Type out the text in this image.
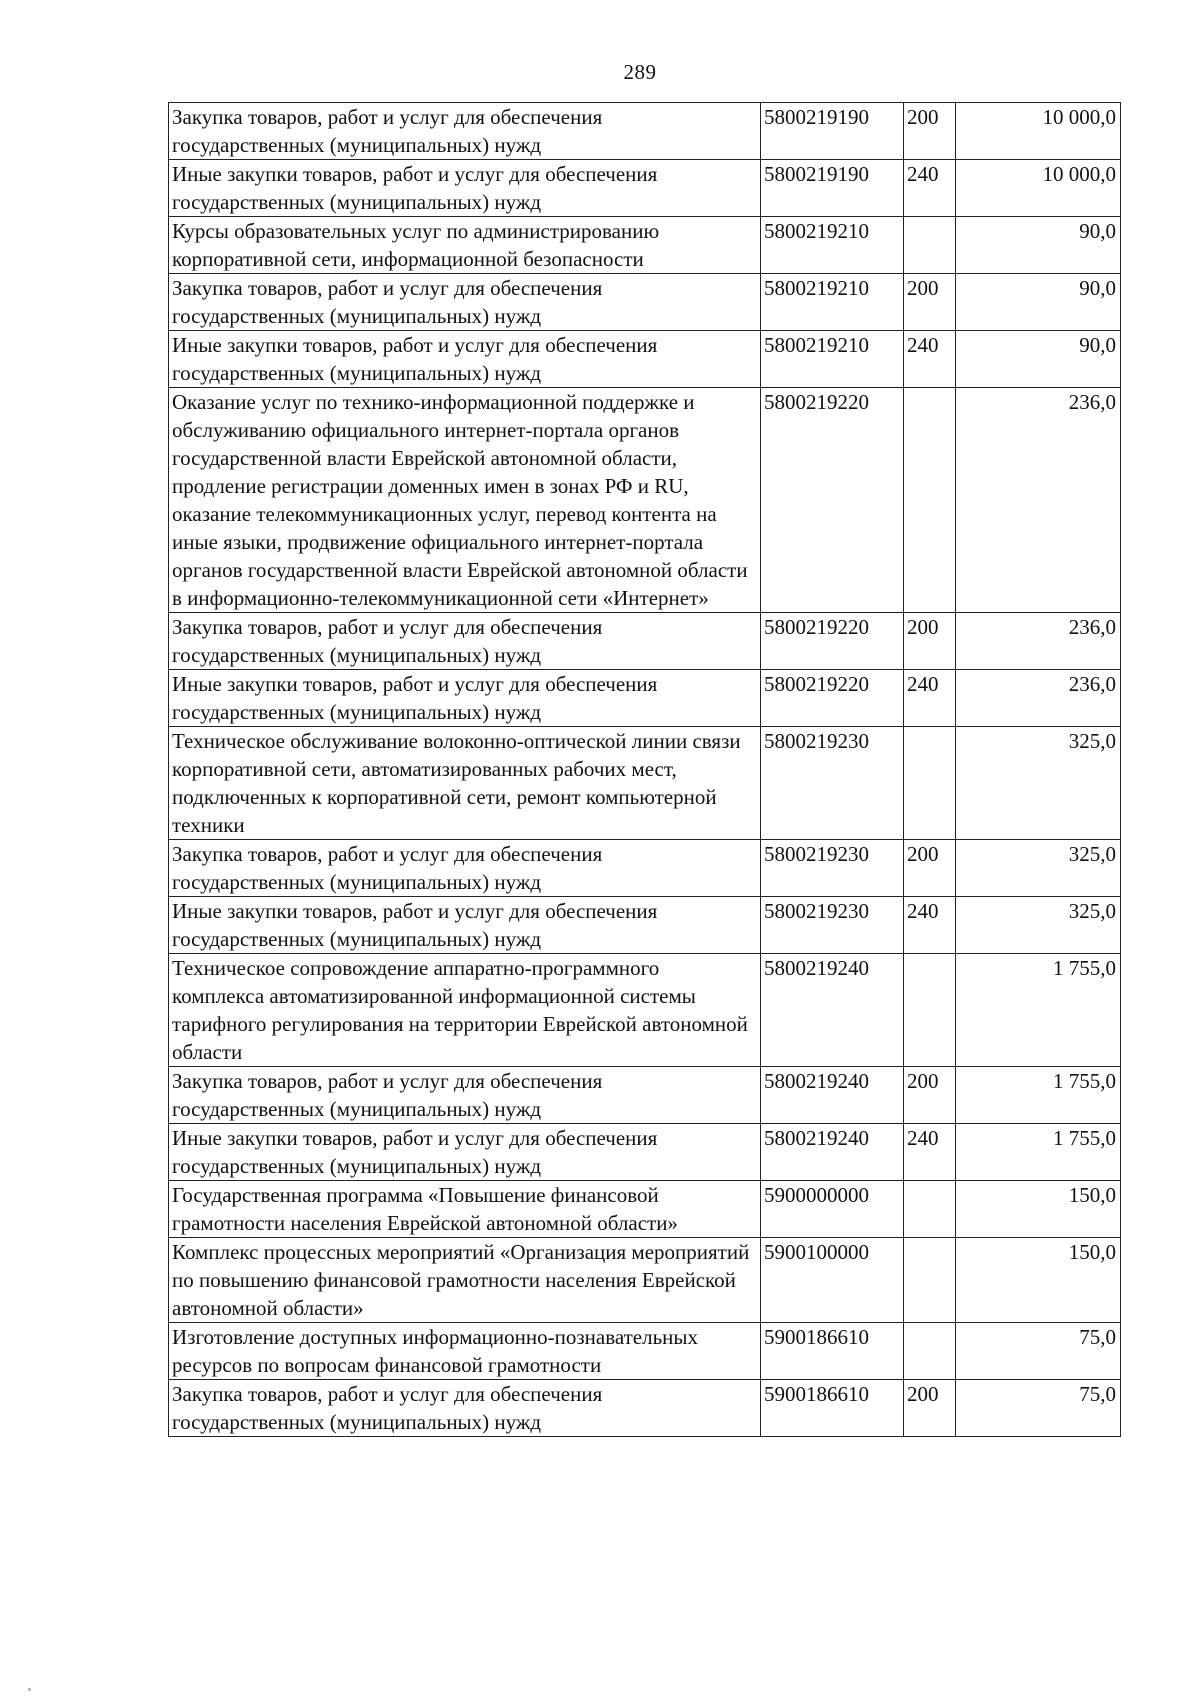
289
Закупка товаров, работ и услуг для обеспечения государственных (муниципальных) нужд	5800219190	200	10 000,0
Иные закупки товаров, работ и услуг для обеспечения государственных (муниципальных) нужд	5800219190	240	10 000,0
Курсы образовательных услуг по администрированию корпоративной сети, информационной безопасности	5800219210		90,0
Закупка товаров, работ и услуг для обеспечения государственных (муниципальных) нужд	5800219210	200	90,0
Иные закупки товаров, работ и услуг для обеспечения государственных (муниципальных) нужд	5800219210	240	90,0
Оказание услуг по технико-информационной поддержке и обслуживанию официального интернет-портала органов государственной власти Еврейской автономной области, продление регистрации доменных имен в зонах РФ и RU, оказание телекоммуникационных услуг, перевод контента на иные языки, продвижение официального интернет-портала органов государственной власти Еврейской автономной области в информационно-телекоммуникационной сети «Интернет»	5800219220		236,0
Закупка товаров, работ и услуг для обеспечения государственных (муниципальных) нужд	5800219220	200	236,0
Иные закупки товаров, работ и услуг для обеспечения государственных (муниципальных) нужд	5800219220	240	236,0
Техническое обслуживание волоконно-оптической линии связи корпоративной сети, автоматизированных рабочих мест, подключенных к корпоративной сети, ремонт компьютерной техники	5800219230		325,0
Закупка товаров, работ и услуг для обеспечения государственных (муниципальных) нужд	5800219230	200	325,0
Иные закупки товаров, работ и услуг для обеспечения государственных (муниципальных) нужд	5800219230	240	325,0
Техническое сопровождение аппаратно-программного комплекса автоматизированной информационной системы тарифного регулирования на территории Еврейской автономной области	5800219240		1 755,0
Закупка товаров, работ и услуг для обеспечения государственных (муниципальных) нужд	5800219240	200	1 755,0
Иные закупки товаров, работ и услуг для обеспечения государственных (муниципальных) нужд	5800219240	240	1 755,0
Государственная программа «Повышение финансовой грамотности населения Еврейской автономной области»	5900000000		150,0
Комплекс процессных мероприятий «Организация мероприятий по повышению финансовой грамотности населения Еврейской автономной области»	5900100000		150,0
Изготовление доступных информационно-познавательных ресурсов по вопросам финансовой грамотности	5900186610		75,0
Закупка товаров, работ и услуг для обеспечения государственных (муниципальных) нужд	5900186610	200	75,0
